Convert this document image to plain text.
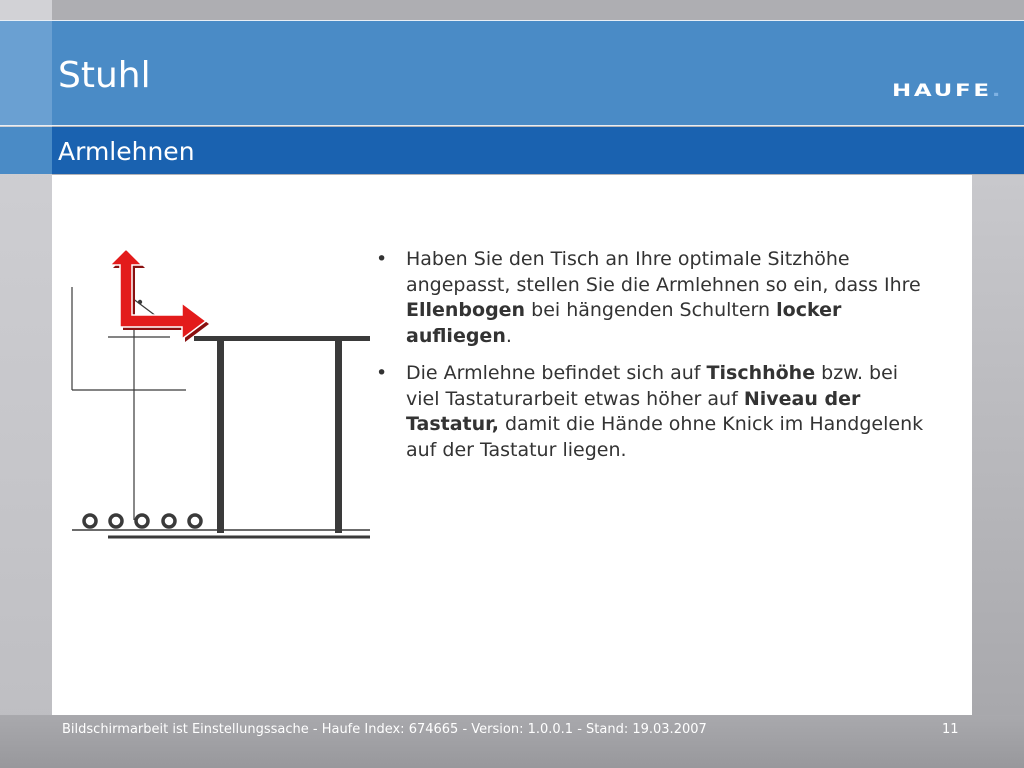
Stuhl	HAUFE.
Armlehnen
• Haben Sie den Tisch an Ihre optimale Sitzhöhe angepasst, stellen Sie die Armlehnen so ein, dass Ihre Ellenbogen bei hängenden Schultern locker aufliegen.
• Die Armlehne befindet sich auf Tischhöhe bzw. bei viel Tastaturarbeit etwas höher auf Niveau der Tastatur, damit die Hände ohne Knick im Handgelenk auf der Tastatur liegen.
Bildschirmarbeit ist Einstellungssache - Haufe Index: 674665 - Version: 1.0.0.1 - Stand: 19.03.2007	11
